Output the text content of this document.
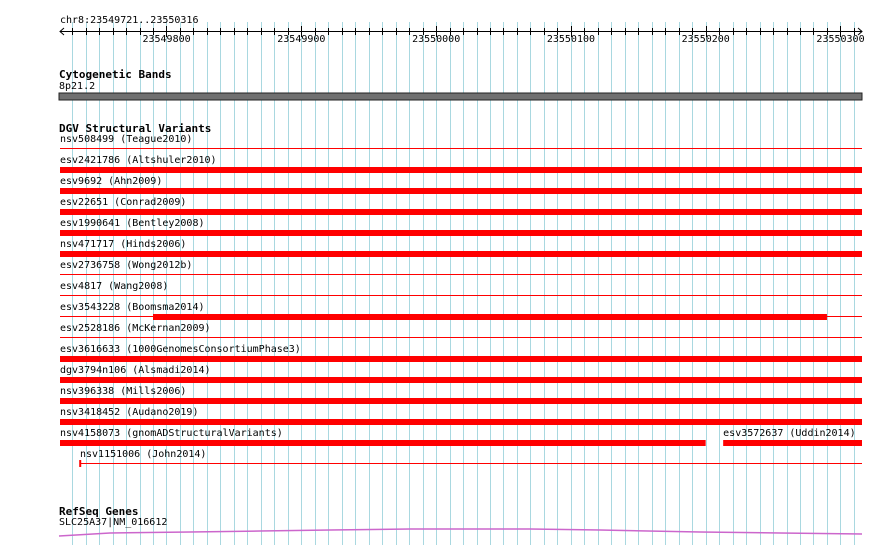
chr8:23549721..23550316
23549800	23549900	23550000	23550100	23550200	23550300
Cytogenetic Bands
8p21.2
DGV Structural Variants
nsv508499 (Teague2010)
esv2421786 (Altshuler2010)
esv9692 (Ahn2009)
esv22651 (Conrad2009)
esv1990641 (Bentley2008)
nsv471717 (Hinds2006)
esv2736758 (Wong2012b)
esv4817 (Wang2008)
esv3543228 (Boomsma2014)
esv2528186 (McKernan2009)
esv3616633 (1000GenomesConsortiumPhase3)
dgv3794n106 (Alsmadi2014)
nsv396338 (Mills2006)
nsv3418452 (Audano2019)
nsv4158073 (gnomADStructuralVariants)	esv3572637 (Uddin2014)
nsv1151006 (John2014)
RefSeq Genes
SLC25A37|NM_016612
